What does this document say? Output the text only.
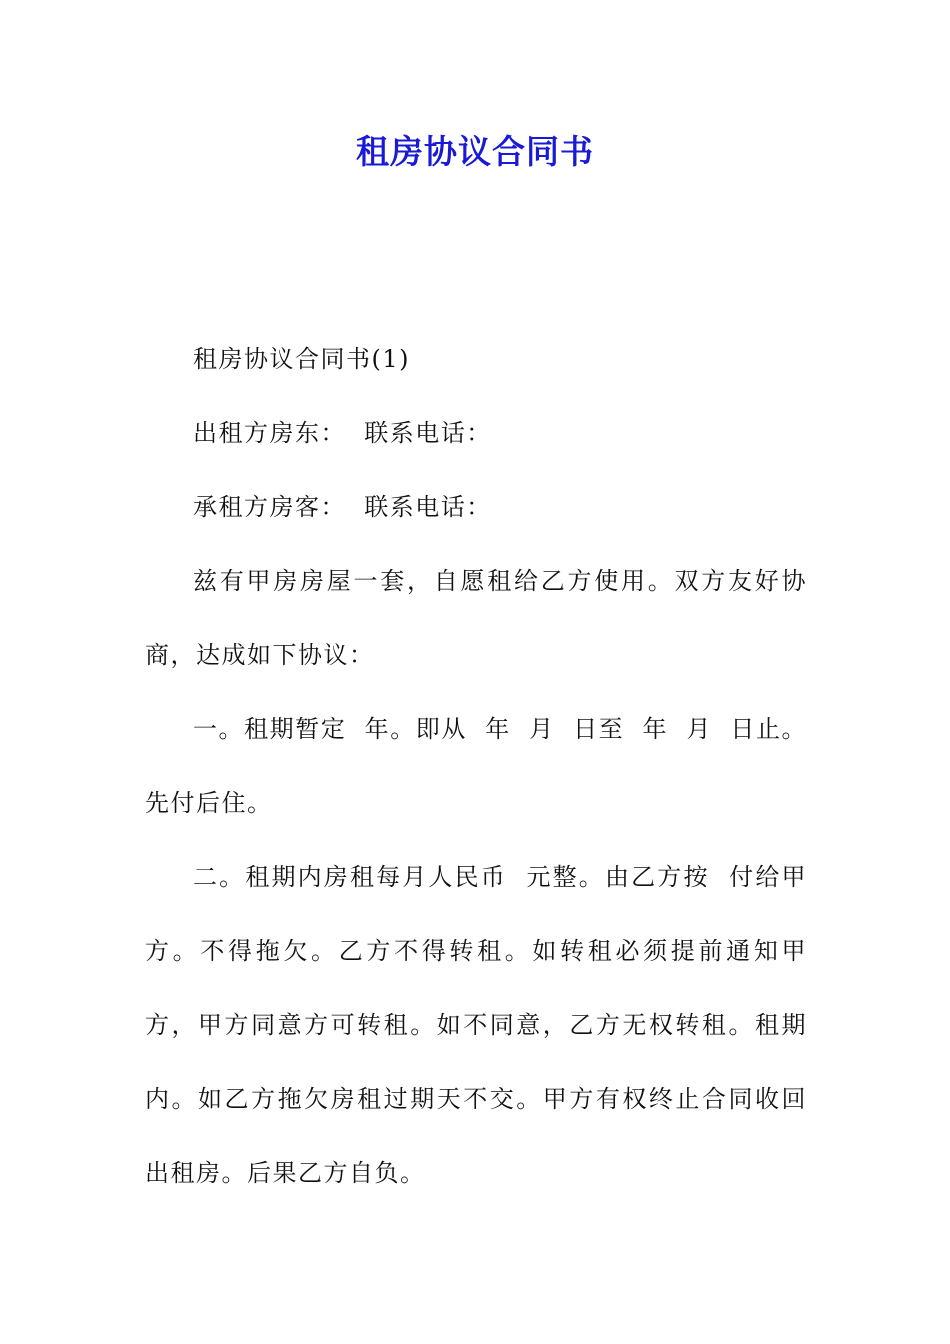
租房协议合同书

租房协议合同书(1)

出租方房东：  联系电话：

承租方房客：  联系电话：

兹有甲房房屋一套，自愿租给乙方使用。双方友好协商，达成如下协议：

一。租期暂定  年。即从  年  月  日至  年  月  日止。先付后住。

二。租期内房租每月人民币  元整。由乙方按  付给甲方。不得拖欠。乙方不得转租。如转租必须提前通知甲方，甲方同意方可转租。如不同意，乙方无权转租。租期内。如乙方拖欠房租过期天不交。甲方有权终止合同收回出租房。后果乙方自负。
